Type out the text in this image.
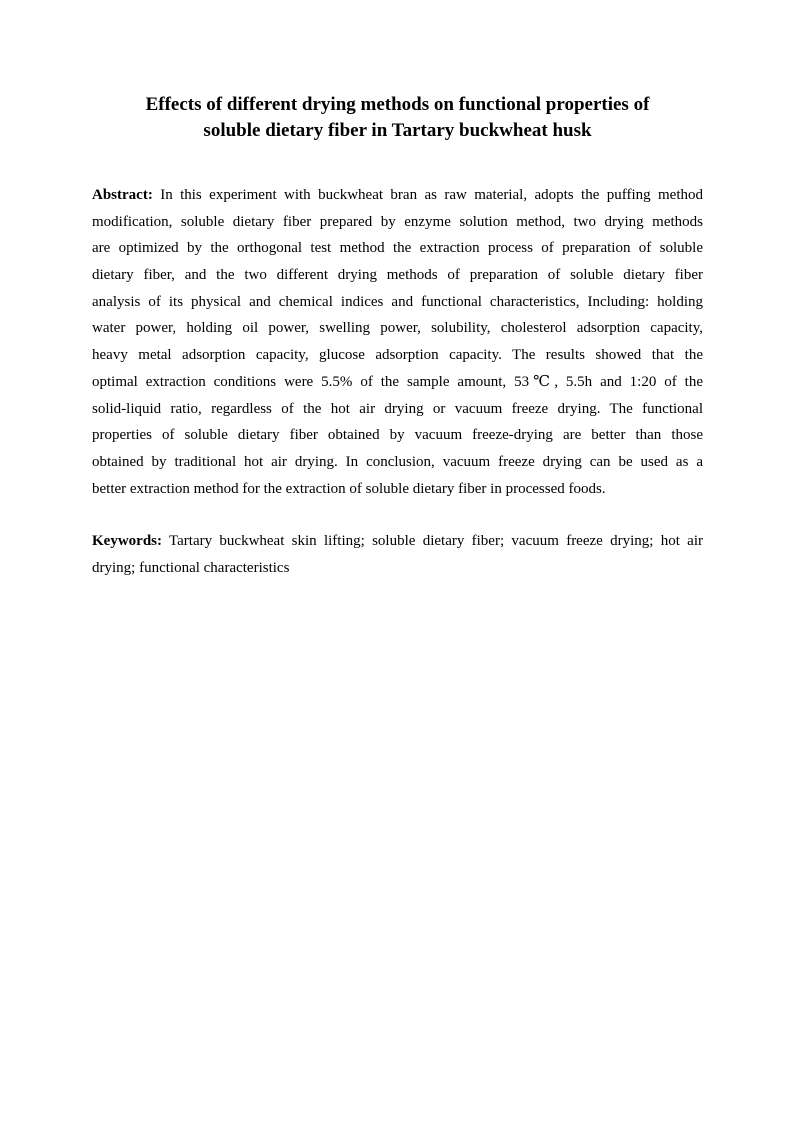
Effects of different drying methods on functional properties of
soluble dietary fiber in Tartary buckwheat husk
Abstract: In this experiment with buckwheat bran as raw material, adopts the puffing method
modification, soluble dietary fiber prepared by enzyme solution method, two drying methods
are optimized by the orthogonal test method the extraction process of preparation of soluble
dietary fiber, and the two different drying methods of preparation of soluble dietary fiber
analysis of its physical and chemical indices and functional characteristics, Including: holding
water power, holding oil power, swelling power, solubility, cholesterol adsorption capacity,
heavy metal adsorption capacity, glucose adsorption capacity. The results showed that the
optimal extraction conditions were 5.5% of the sample amount, 53℃, 5.5h and 1:20 of the
solid-liquid ratio, regardless of the hot air drying or vacuum freeze drying. The functional
properties of soluble dietary fiber obtained by vacuum freeze-drying are better than those
obtained by traditional hot air drying. In conclusion, vacuum freeze drying can be used as a
better extraction method for the extraction of soluble dietary fiber in processed foods.
Keywords: Tartary buckwheat skin lifting; soluble dietary fiber; vacuum freeze drying; hot air
drying; functional characteristics
